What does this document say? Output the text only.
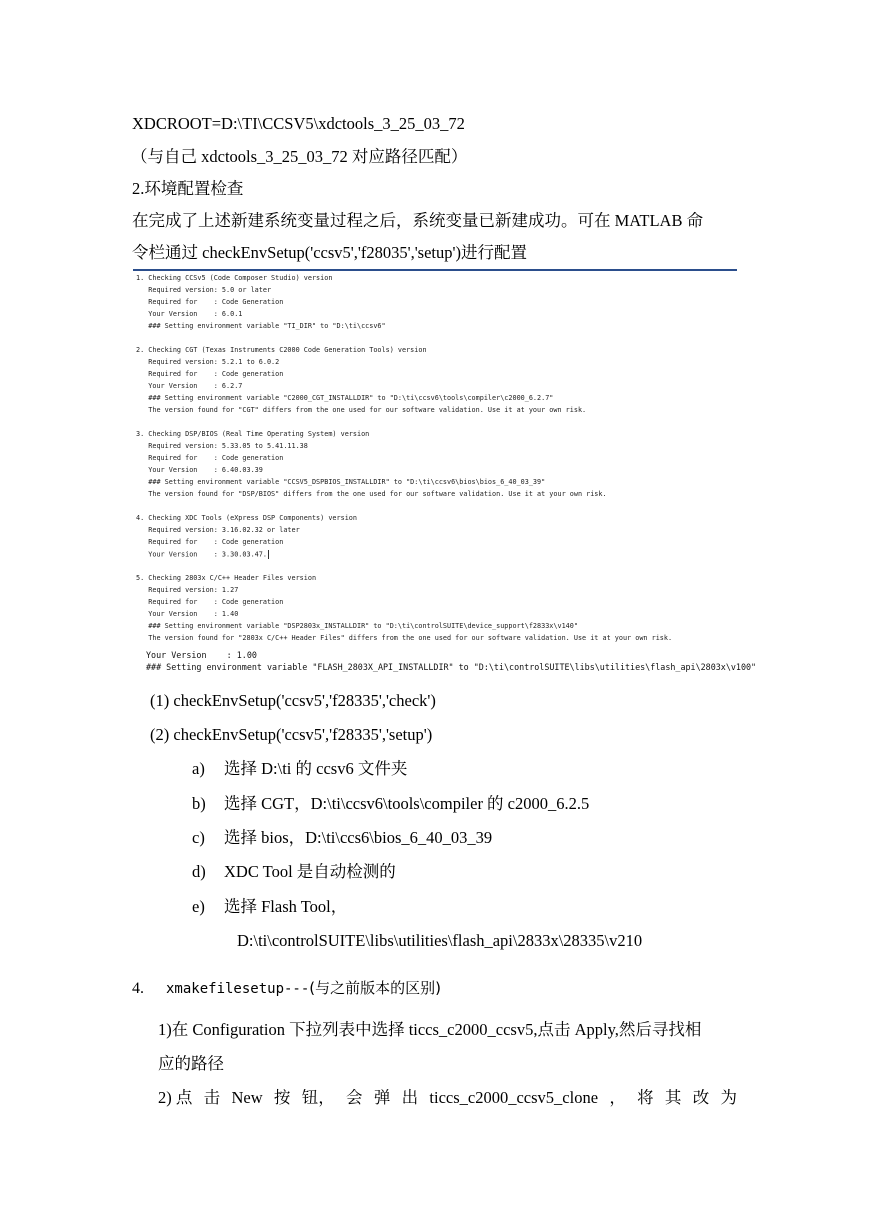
XDCROOT=D:\TI\CCSV5\xdctools_3_25_03_72
（与自己 xdctools_3_25_03_72 对应路径匹配）
2.环境配置检查
在完成了上述新建系统变量过程之后，系统变量已新建成功。可在 MATLAB 命
令栏通过 checkEnvSetup('ccsv5','f28035','setup')进行配置
1. Checking CCSv5 (Code Composer Studio) version
Required version: 5.0 or later
Required for    : Code Generation
Your Version    : 6.0.1
### Setting environment variable "TI_DIR" to "D:\ti\ccsv6"
2. Checking CGT (Texas Instruments C2000 Code Generation Tools) version
Required version: 5.2.1 to 6.0.2
Required for    : Code generation
Your Version    : 6.2.7
### Setting environment variable "C2000_CGT_INSTALLDIR" to "D:\ti\ccsv6\tools\compiler\c2000_6.2.7"
The version found for "CGT" differs from the one used for our software validation. Use it at your own risk.
3. Checking DSP/BIOS (Real Time Operating System) version
Required version: 5.33.05 to 5.41.11.38
Required for    : Code generation
Your Version    : 6.40.03.39
### Setting environment variable "CCSV5_DSPBIOS_INSTALLDIR" to "D:\ti\ccsv6\bios\bios_6_40_03_39"
The version found for "DSP/BIOS" differs from the one used for our software validation. Use it at your own risk.
4. Checking XDC Tools (eXpress DSP Components) version
Required version: 3.16.02.32 or later
Required for    : Code generation
Your Version    : 3.30.03.47.
5. Checking 2803x C/C++ Header Files version
Required version: 1.27
Required for    : Code generation
Your Version    : 1.40
### Setting environment variable "DSP2803x_INSTALLDIR" to "D:\ti\controlSUITE\device_support\f2833x\v140"
The version found for "2803x C/C++ Header Files" differs from the one used for our software validation. Use it at your own risk.
Your Version    : 1.00
### Setting environment variable "FLASH_2803X_API_INSTALLDIR" to "D:\ti\controlSUITE\libs\utilities\flash_api\2803x\v100"
(1) checkEnvSetup('ccsv5','f28335','check')
(2) checkEnvSetup('ccsv5','f28335','setup')
a) 选择 D:\ti 的 ccsv6 文件夹
b) 选择 CGT，D:\ti\ccsv6\tools\compiler 的 c2000_6.2.5
c) 选择 bios，D:\ti\ccs6\bios_6_40_03_39
d) XDC Tool 是自动检测的
e) 选择 Flash Tool，
D:\ti\controlSUITE\libs\utilities\flash_api\2833x\28335\v210
4. xmakefilesetup---(与之前版本的区别)
1)在 Configuration 下拉列表中选择 ticcs_c2000_ccsv5,点击 Apply,然后寻找相
应的路径
2) 点 击 New 按 钮， 会 弹 出 ticcs_c2000_ccsv5_clone ， 将 其 改 为
